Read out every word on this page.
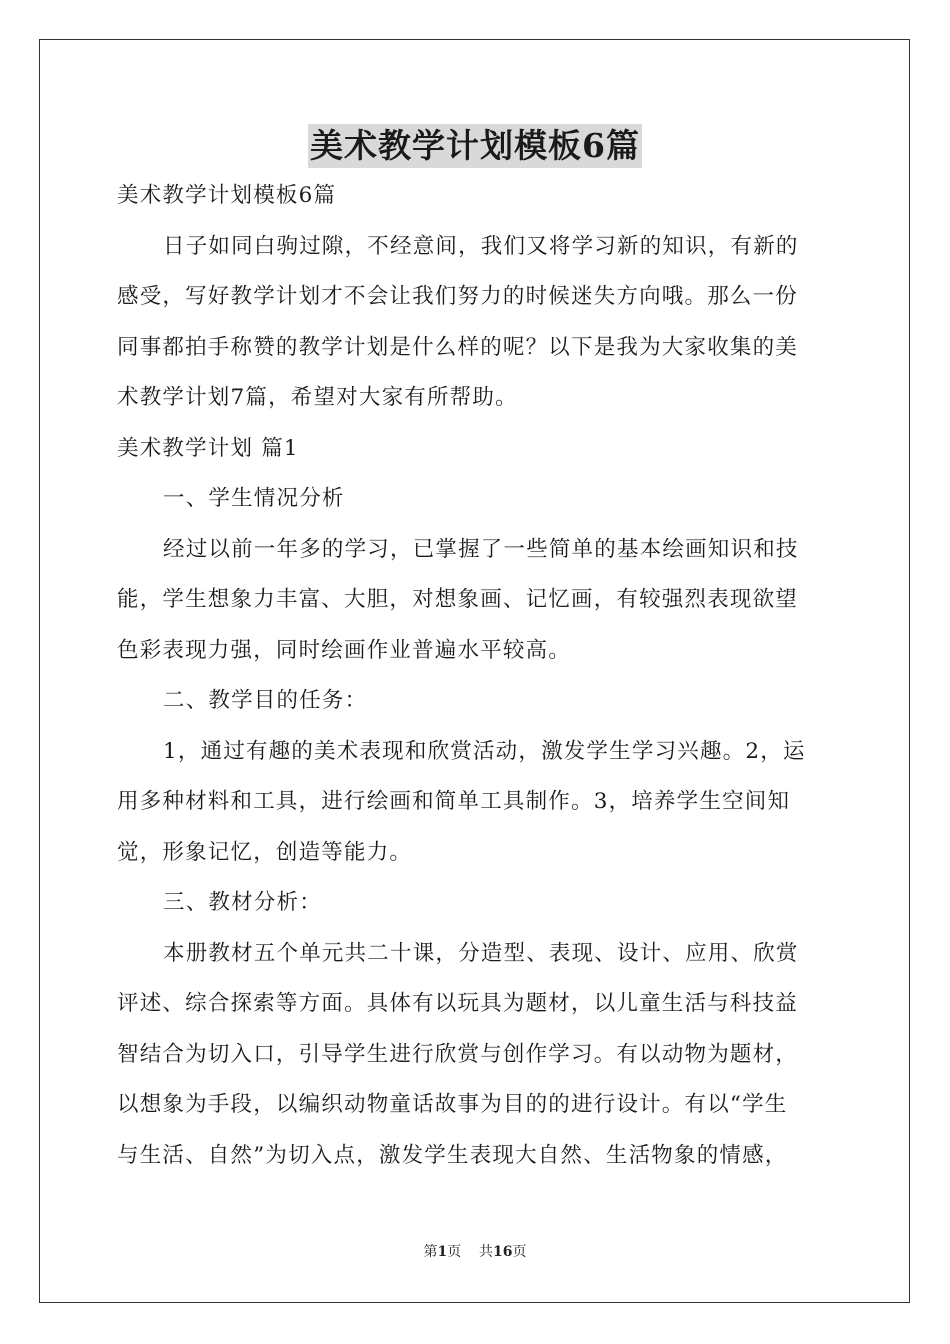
美术教学计划模板6篇
美术教学计划模板6篇
日子如同白驹过隙，不经意间，我们又将学习新的知识，有新的
感受，写好教学计划才不会让我们努力的时候迷失方向哦。那么一份
同事都拍手称赞的教学计划是什么样的呢？以下是我为大家收集的美
术教学计划7篇，希望对大家有所帮助。
美术教学计划 篇1
一、学生情况分析
经过以前一年多的学习，已掌握了一些简单的基本绘画知识和技
能，学生想象力丰富、大胆，对想象画、记忆画，有较强烈表现欲望
色彩表现力强，同时绘画作业普遍水平较高。
二、教学目的任务：
1，通过有趣的美术表现和欣赏活动，激发学生学习兴趣。2，运
用多种材料和工具，进行绘画和简单工具制作。3，培养学生空间知
觉，形象记忆，创造等能力。
三、教材分析：
本册教材五个单元共二十课，分造型、表现、设计、应用、欣赏
评述、综合探索等方面。具体有以玩具为题材，以儿童生活与科技益
智结合为切入口，引导学生进行欣赏与创作学习。有以动物为题材，
以想象为手段，以编织动物童话故事为目的的进行设计。有以“学生
与生活、自然”为切入点，激发学生表现大自然、生活物象的情感，
第1页 共16页
